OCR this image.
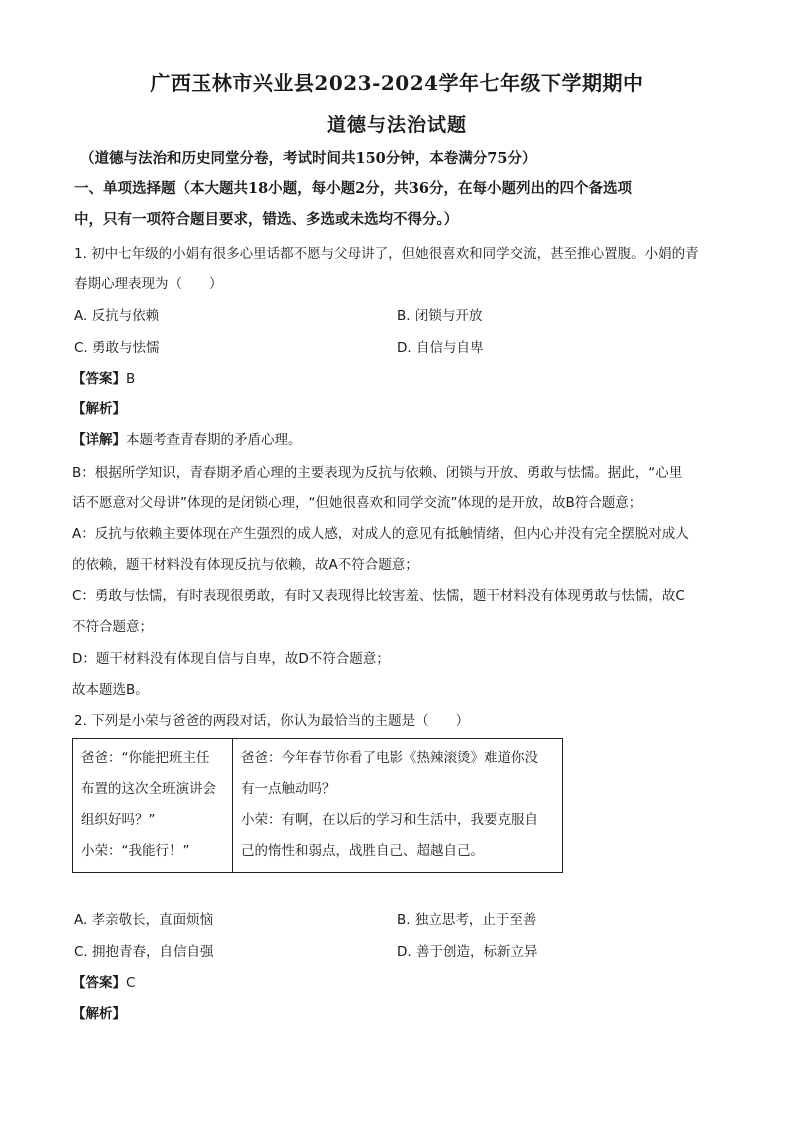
广西玉林市兴业县2023-2024学年七年级下学期期中
道德与法治试题
（道德与法治和历史同堂分卷，考试时间共150分钟，本卷满分75分）
一、单项选择题（本大题共18小题，每小题2分，共36分，在每小题列出的四个备选项
中，只有一项符合题目要求，错选、多选或未选均不得分。）
1. 初中七年级的小娟有很多心里话都不愿与父母讲了，但她很喜欢和同学交流，甚至推心置腹。小娟的青
春期心理表现为（　　）
A. 反抗与依赖	B. 闭锁与开放
C. 勇敢与怯懦	D. 自信与自卑
【答案】B
【解析】
【详解】本题考查青春期的矛盾心理。
B：根据所学知识，青春期矛盾心理的主要表现为反抗与依赖、闭锁与开放、勇敢与怯懦。据此，“心里
话不愿意对父母讲”体现的是闭锁心理，“但她很喜欢和同学交流”体现的是开放，故B符合题意；
A：反抗与依赖主要体现在产生强烈的成人感，对成人的意见有抵触情绪，但内心并没有完全摆脱对成人
的依赖，题干材料没有体现反抗与依赖，故A不符合题意；
C：勇敢与怯懦，有时表现很勇敢，有时又表现得比较害羞、怯懦，题干材料没有体现勇敢与怯懦，故C
不符合题意；
D：题干材料没有体现自信与自卑，故D不符合题意；
故本题选B。
2. 下列是小荣与爸爸的两段对话，你认为最恰当的主题是（　　）
爸爸：“你能把班主任
布置的这次全班演讲会
组织好吗？”
小荣：“我能行！”

爸爸：今年春节你看了电影《热辣滚烫》难道你没
有一点触动吗？
小荣：有啊，在以后的学习和生活中，我要克服自
己的惰性和弱点，战胜自己、超越自己。
A. 孝亲敬长，直面烦恼	B. 独立思考，止于至善
C. 拥抱青春，自信自强	D. 善于创造，标新立异
【答案】C
【解析】
